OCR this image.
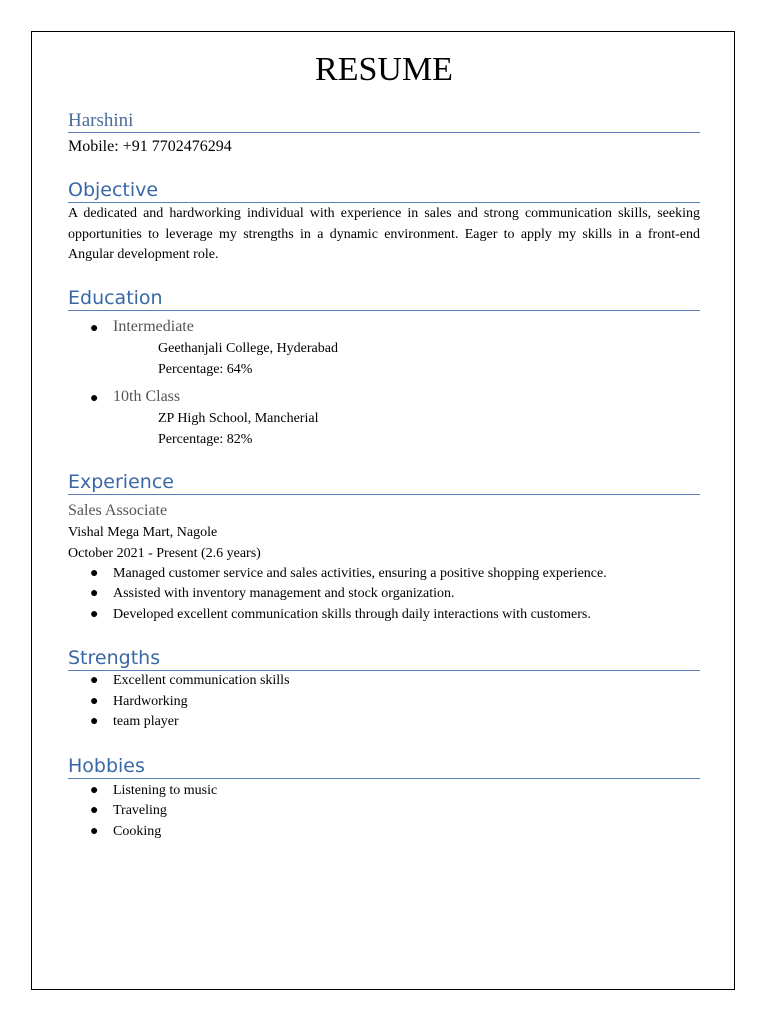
RESUME
Harshini
Mobile: +91 7702476294
Objective
A dedicated and hardworking individual with experience in sales and strong communication skills, seeking opportunities to leverage my strengths in a dynamic environment. Eager to apply my skills in a front-end Angular development role.
Education
● Intermediate
Geethanjali College, Hyderabad
Percentage: 64%
● 10th Class
ZP High School, Mancherial
Percentage: 82%
Experience
Sales Associate
Vishal Mega Mart, Nagole
October 2021 - Present (2.6 years)
● Managed customer service and sales activities, ensuring a positive shopping experience.
● Assisted with inventory management and stock organization.
● Developed excellent communication skills through daily interactions with customers.
Strengths
● Excellent communication skills
● Hardworking
● team player
Hobbies
● Listening to music
● Traveling
● Cooking
